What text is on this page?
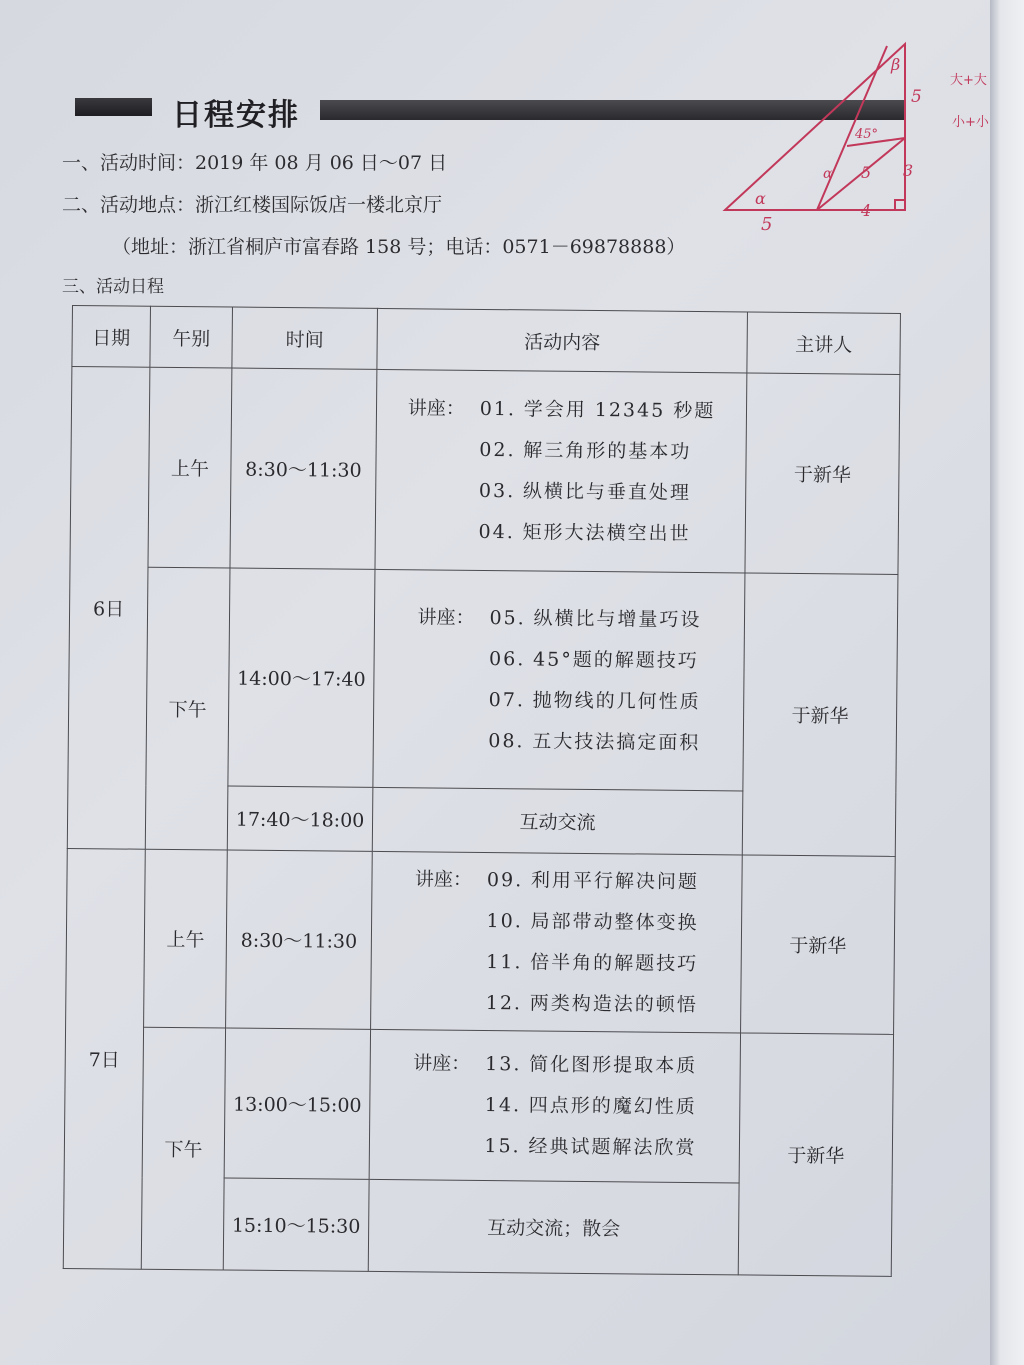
日程安排
一、活动时间：2019 年 08 月 06 日～07 日
二、活动地点：浙江红楼国际饭店一楼北京厅
（地址：浙江省桐庐市富春路 158 号；电话：0571－69878888）
三、活动日程
日期	午别	时间	活动内容	主讲人
6日	上午	8:30～11:30	讲座： 01. 学会用 12345 秒题
02. 解三角形的基本功
03. 纵横比与垂直处理
04. 矩形大法横空出世	于新华
	下午	14:00～17:40	讲座： 05. 纵横比与增量巧设
06. 45°题的解题技巧
07. 抛物线的几何性质
08. 五大技法搞定面积	于新华
		17:40～18:00	互动交流	
7日	上午	8:30～11:30	讲座： 09. 利用平行解决问题
10. 局部带动整体变换
11. 倍半角的解题技巧
12. 两类构造法的顿悟	于新华
	下午	13:00～15:00	讲座： 13. 简化图形提取本质
14. 四点形的魔幻性质
15. 经典试题解法欣赏	于新华
		15:10～15:30	互动交流；散会	
β
5
45°
α
5
3
4
5
α
大+大
小+小
